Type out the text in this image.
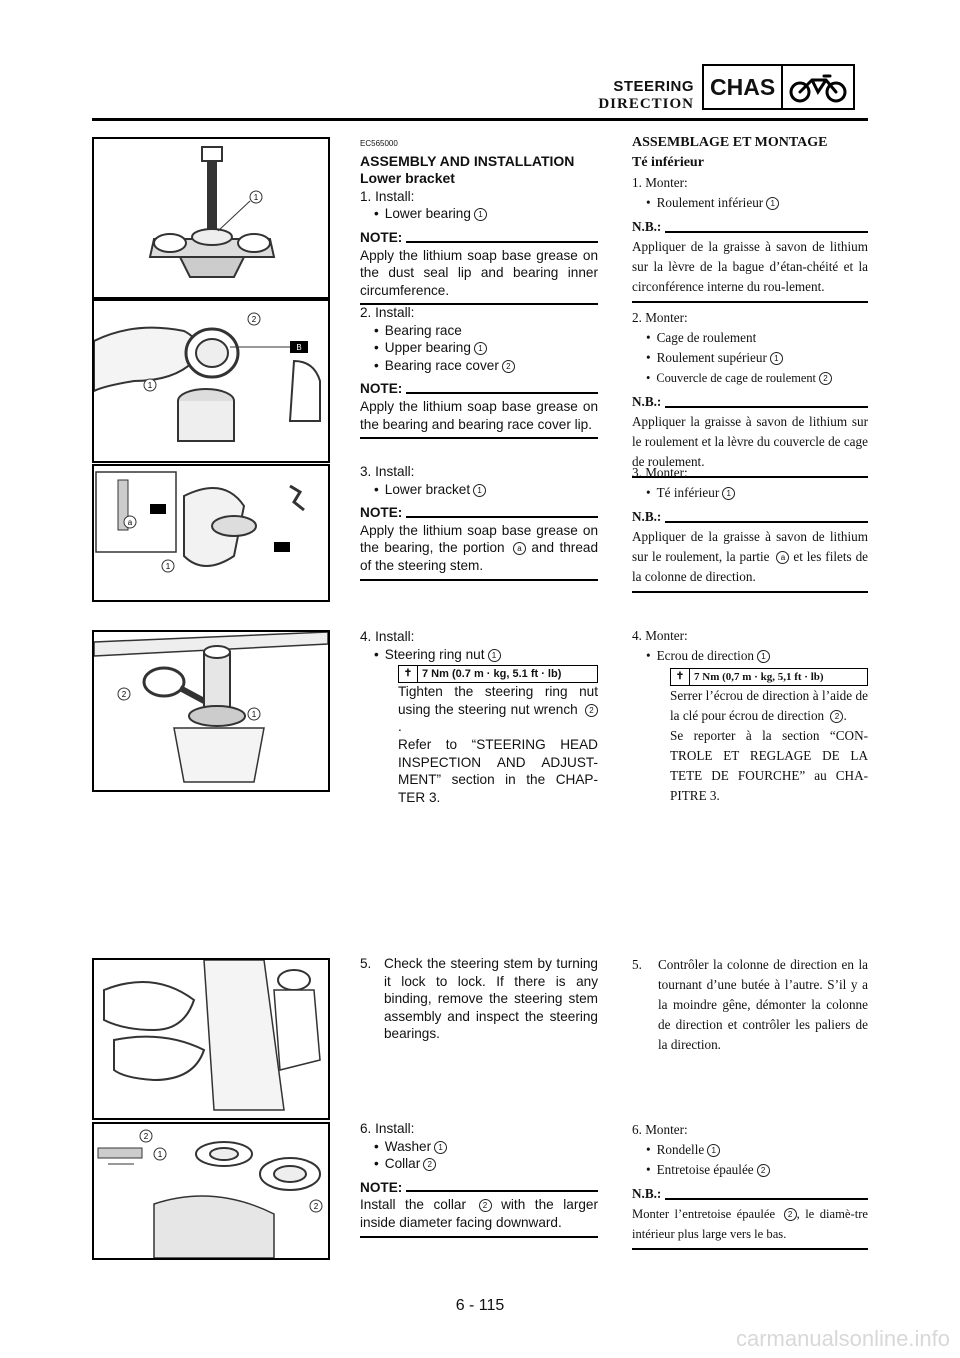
STEERING
DIRECTION
CHAS
1
B
2
1
a
1
2
1
2
1
2
EC565000
ASSEMBLY AND INSTALLATION
Lower bracket
1. Install:
• Lower bearing 1
NOTE:
Apply the lithium soap base grease on the dust seal lip and bearing inner circumference.
2. Install:
• Bearing race
• Upper bearing 1
• Bearing race cover 2
NOTE:
Apply the lithium soap base grease on the bearing and bearing race cover lip.
3. Install:
• Lower bracket 1
NOTE:
Apply the lithium soap base grease on the bearing, the portion a and thread of the steering stem.
4. Install:
• Steering ring nut 1
✝ 7 Nm (0.7 m · kg, 5.1 ft · lb)
Tighten the steering ring nut using the steering nut wrench 2.
Refer to “STEERING HEAD INSPECTION AND ADJUST-MENT” section in the CHAP-TER 3.
5. Check the steering stem by turning it lock to lock. If there is any binding, remove the steering stem assembly and inspect the steering bearings.
6. Install:
• Washer 1
• Collar 2
NOTE:
Install the collar 2 with the larger inside diameter facing downward.
ASSEMBLAGE ET MONTAGE
Té inférieur
1. Monter:
• Roulement inférieur 1
N.B.:
Appliquer de la graisse à savon de lithium sur la lèvre de la bague d’étan-chéité et la circonférence interne du rou-lement.
2. Monter:
• Cage de roulement
• Roulement supérieur 1
• Couvercle de cage de roulement 2
N.B.:
Appliquer la graisse à savon de lithium sur le roulement et la lèvre du couvercle de cage de roulement.
3. Monter:
• Té inférieur 1
N.B.:
Appliquer de la graisse à savon de lithium sur le roulement, la partie a et les filets de la colonne de direction.
4. Monter:
• Ecrou de direction 1
✝ 7 Nm (0,7 m · kg, 5,1 ft · lb)
Serrer l’écrou de direction à l’aide de la clé pour écrou de direction 2 .
Se reporter à la section “CON-TROLE ET REGLAGE DE LA TETE DE FOURCHE” au CHA-PITRE 3.
5.	Contrôler la colonne de direction en la tournant d’une butée à l’autre. S’il y a la moindre gêne, démonter la colonne de direction et contrôler les paliers de la direction.
6. Monter:
• Rondelle 1
• Entretoise épaulée 2
N.B.:
Monter l’entretoise épaulée 2 , le diamè-tre intérieur plus large vers le bas.
6 - 115
carmanualsonline.info
